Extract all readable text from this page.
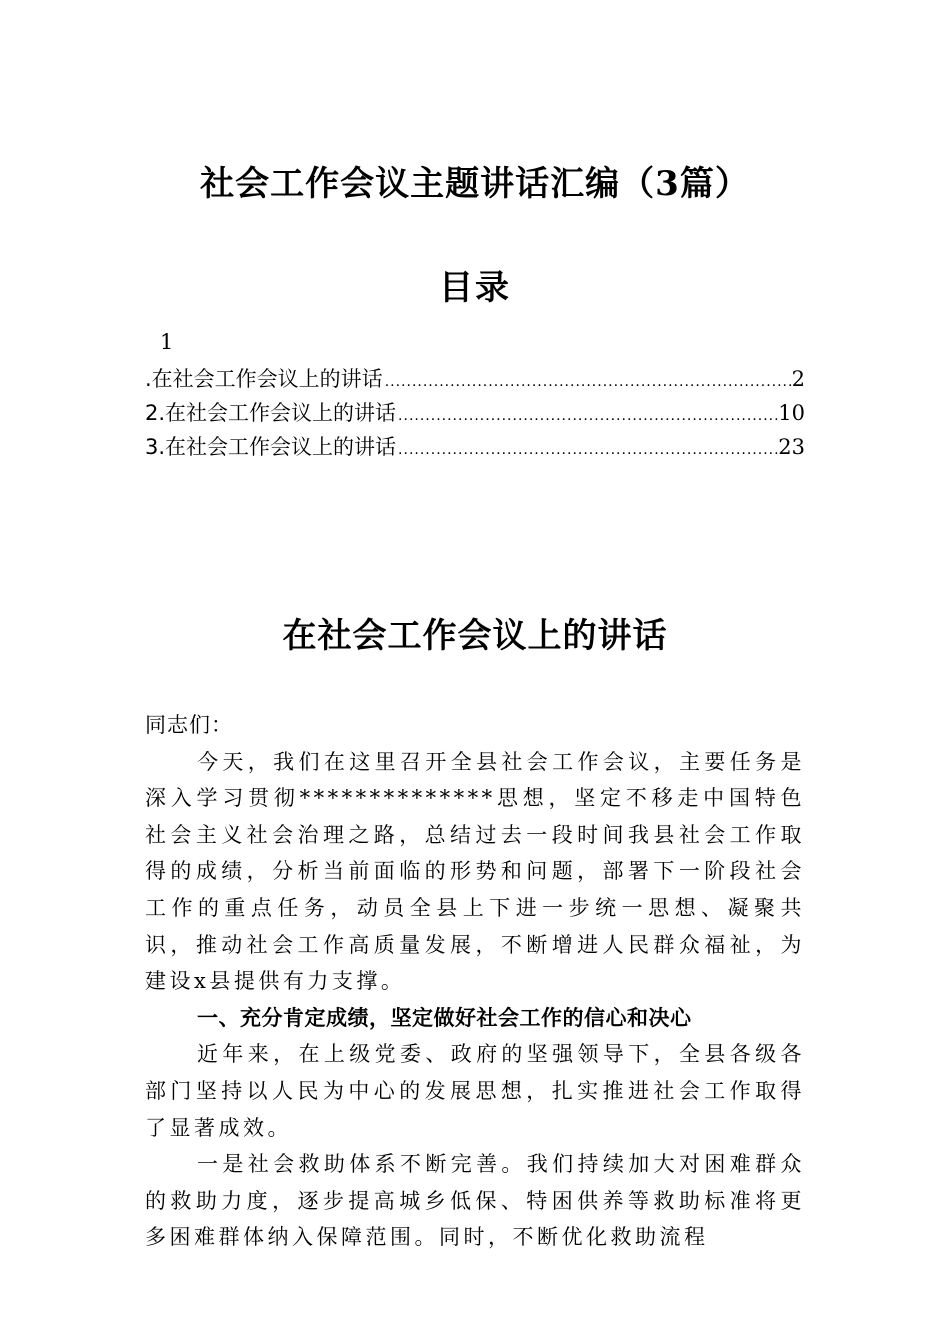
社会工作会议主题讲话汇编（3篇）
目录
1
.在社会工作会议上的讲话 .....	2
2.在社会工作会议上的讲话 .....	10
3.在社会工作会议上的讲话 .....	23
在社会工作会议上的讲话

同志们：

今天，我们在这里召开全县社会工作会议，主要任务是深入学习贯彻**************思想，坚定不移走中国特色社会主义社会治理之路，总结过去一段时间我县社会工作取得的成绩，分析当前面临的形势和问题，部署下一阶段社会工作的重点任务，动员全县上下进一步统一思想、凝聚共识，推动社会工作高质量发展，不断增进人民群众福祉，为建设x县提供有力支撑。

一、充分肯定成绩，坚定做好社会工作的信心和决心

近年来，在上级党委、政府的坚强领导下，全县各级各部门坚持以人民为中心的发展思想，扎实推进社会工作取得了显著成效。

一是社会救助体系不断完善。我们持续加大对困难群众的救助力度，逐步提高城乡低保、特困供养等救助标准将更多困难群体纳入保障范围。同时，不断优化救助流程
